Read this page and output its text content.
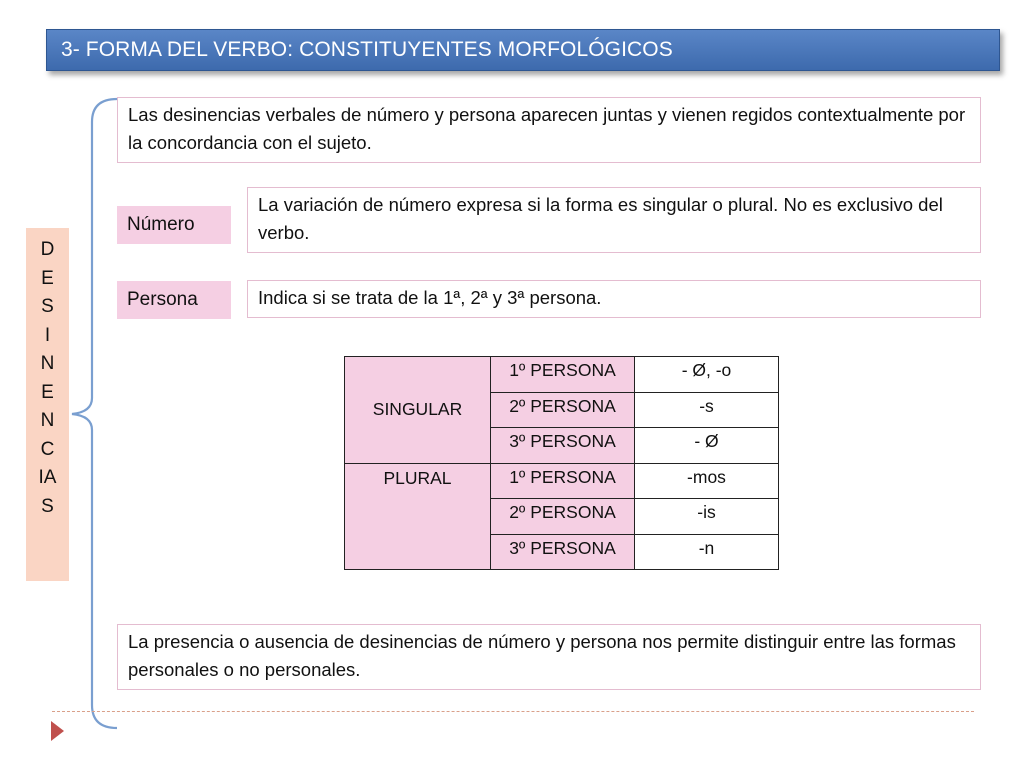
3- FORMA DEL VERBO: CONSTITUYENTES MORFOLÓGICOS
D
E
S
I
N
E
N
C
IA
S
Las desinencias verbales de número y persona aparecen juntas y vienen regidos contextualmente por la concordancia con el sujeto.
Número
La variación de número expresa si la forma es singular o plural. No es exclusivo del verbo.
Persona	Indica si se trata de la 1ª, 2ª y 3ª persona.
SINGULAR	1º PERSONA	- Ø, -o
	2º PERSONA	-s
	3º PERSONA	- Ø
PLURAL	1º PERSONA	-mos
	2º PERSONA	-is
	3º PERSONA	-n
La presencia o ausencia de desinencias de número y persona nos permite distinguir entre las formas personales o no personales.
